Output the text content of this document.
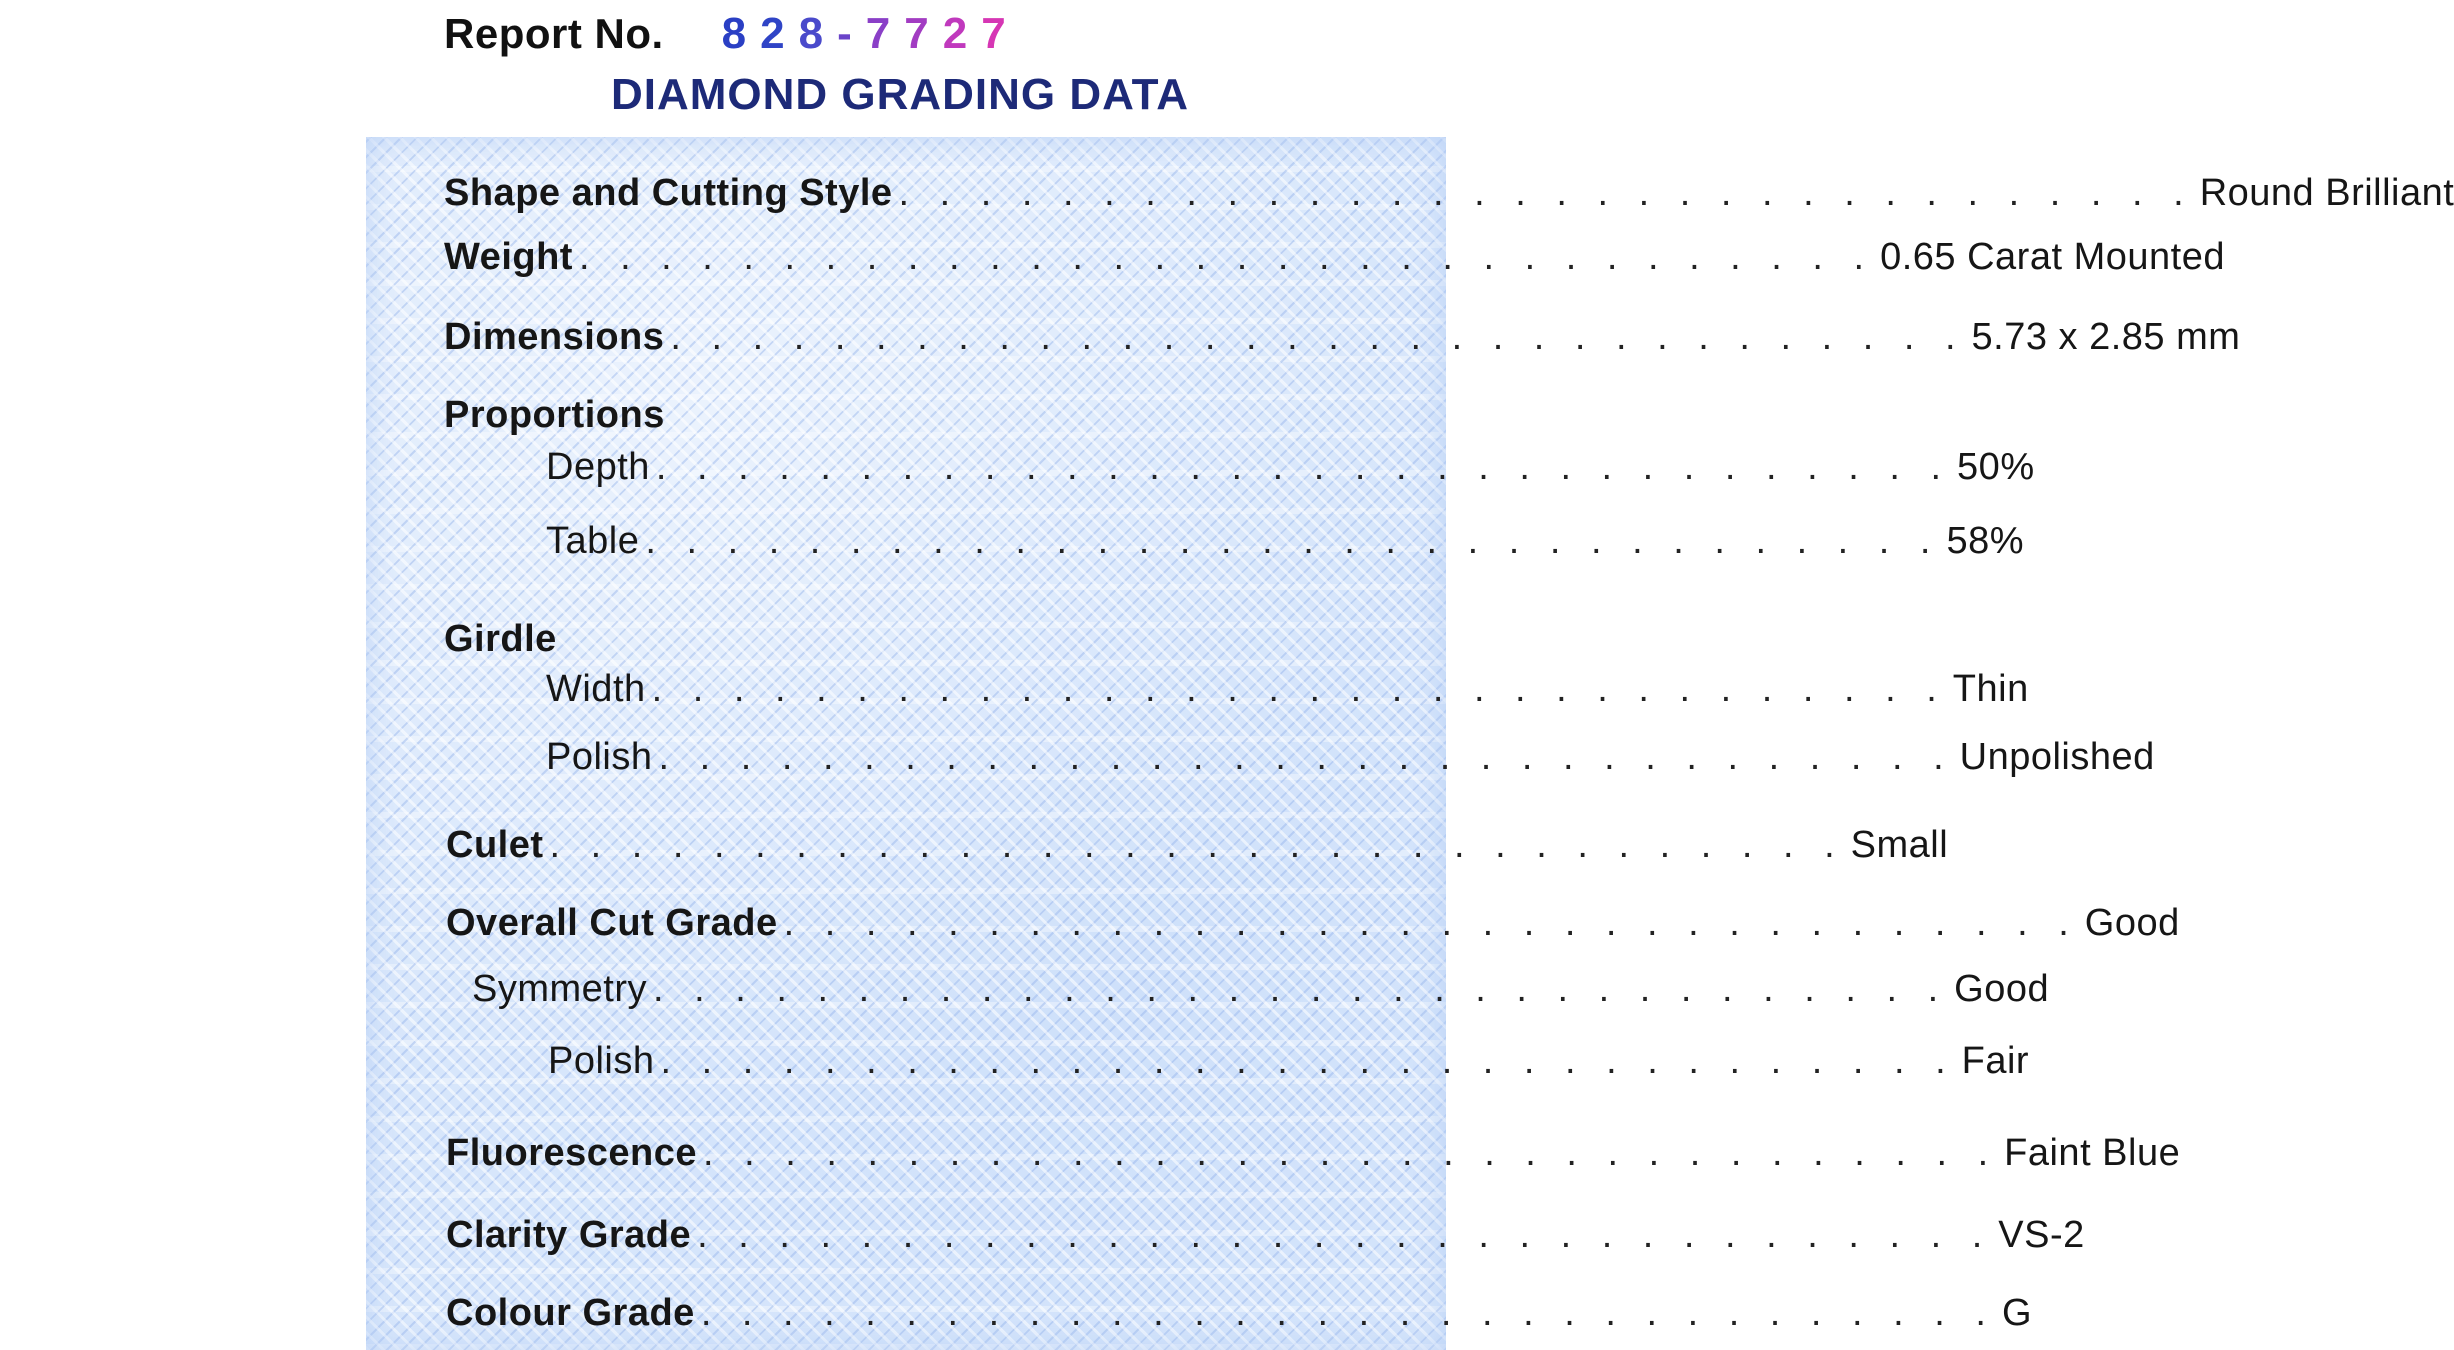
Report No. 8 2 8 - 7 7 2 7
DIAMOND GRADING DATA
Shape and Cutting Style . . . . . . . . . . . . . . . . . . . . . . . . . . . . . . . . Round Brilliant
Weight . . . . . . . . . . . . . . . . . . . . . . . . . . . . . . . . 0.65 Carat Mounted
Dimensions . . . . . . . . . . . . . . . . . . . . . . . . . . . . . . . . 5.73 x 2.85 mm
Proportions
Depth . . . . . . . . . . . . . . . . . . . . . . . . . . . . . . . . 50%
Table . . . . . . . . . . . . . . . . . . . . . . . . . . . . . . . . 58%
Girdle
Width . . . . . . . . . . . . . . . . . . . . . . . . . . . . . . . . Thin
Polish . . . . . . . . . . . . . . . . . . . . . . . . . . . . . . . . Unpolished
Culet . . . . . . . . . . . . . . . . . . . . . . . . . . . . . . . . Small
Overall Cut Grade . . . . . . . . . . . . . . . . . . . . . . . . . . . . . . . . Good
Symmetry . . . . . . . . . . . . . . . . . . . . . . . . . . . . . . . . Good
Polish . . . . . . . . . . . . . . . . . . . . . . . . . . . . . . . . Fair
Fluorescence . . . . . . . . . . . . . . . . . . . . . . . . . . . . . . . . Faint Blue
Clarity Grade . . . . . . . . . . . . . . . . . . . . . . . . . . . . . . . . VS-2
Colour Grade . . . . . . . . . . . . . . . . . . . . . . . . . . . . . . . . G
